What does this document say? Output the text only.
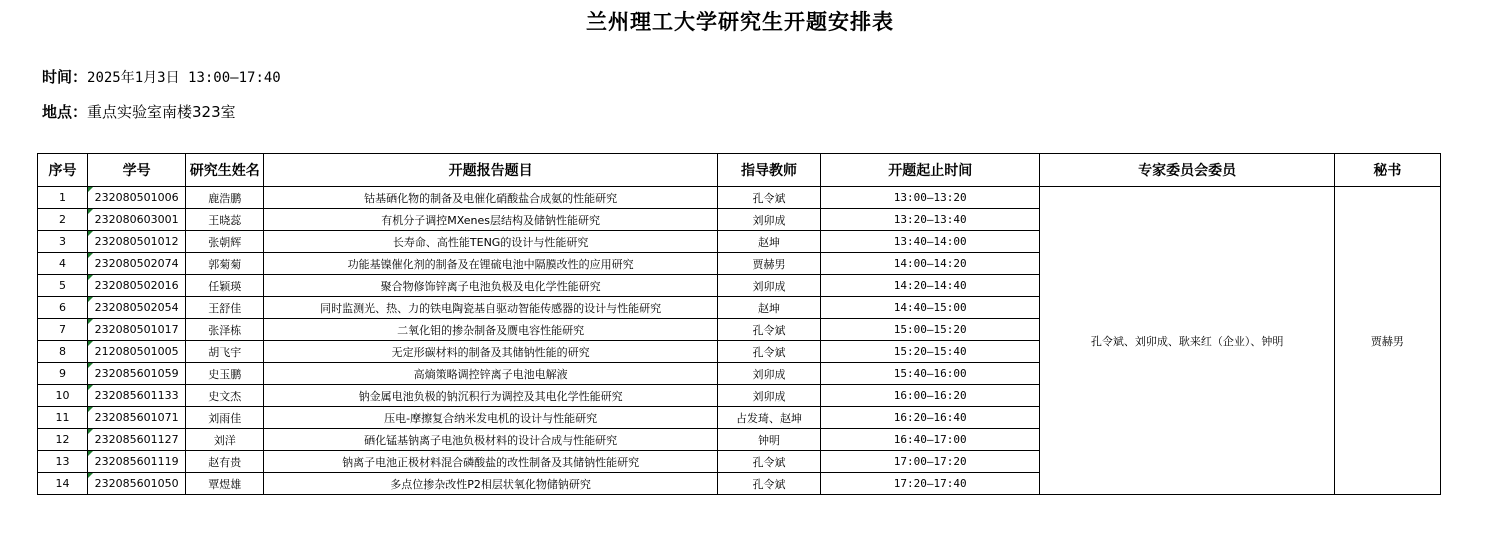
兰州理工大学研究生开题安排表
时间：2025年1月3日 13:00—17:40
地点：重点实验室南楼323室
序号	学号	研究生姓名	开题报告题目	指导教师	开题起止时间	专家委员会委员	秘书
1	232080501006	鹿浩鹏	钴基硒化物的制备及电催化硝酸盐合成氨的性能研究	孔令斌	13:00—13:20	孔令斌、刘卯成、耿来红（企业）、钟明	贾赫男
2	232080603001	王晓蕊	有机分子调控MXenes层结构及储钠性能研究	刘卯成	13:20—13:40		
3	232080501012	张朝辉	长寿命、高性能TENG的设计与性能研究	赵坤	13:40—14:00		
4	232080502074	郭菊菊	功能基镍催化剂的制备及在锂硫电池中隔膜改性的应用研究	贾赫男	14:00—14:20		
5	232080502016	任颖瑛	聚合物修饰锌离子电池负极及电化学性能研究	刘卯成	14:20—14:40		
6	232080502054	王舒佳	同时监测光、热、力的铁电陶瓷基自驱动智能传感器的设计与性能研究	赵坤	14:40—15:00		
7	232080501017	张泽栋	二氧化钼的掺杂制备及赝电容性能研究	孔令斌	15:00—15:20		
8	212080501005	胡飞宇	无定形碳材料的制备及其储钠性能的研究	孔令斌	15:20—15:40		
9	232085601059	史玉鹏	高熵策略调控锌离子电池电解液	刘卯成	15:40—16:00		
10	232085601133	史文杰	钠金属电池负极的钠沉积行为调控及其电化学性能研究	刘卯成	16:00—16:20		
11	232085601071	刘雨佳	压电-摩擦复合纳米发电机的设计与性能研究	占发琦、赵坤	16:20—16:40		
12	232085601127	刘洋	硒化锰基钠离子电池负极材料的设计合成与性能研究	钟明	16:40—17:00		
13	232085601119	赵有贵	钠离子电池正极材料混合磷酸盐的改性制备及其储钠性能研究	孔令斌	17:00—17:20		
14	232085601050	覃煜雄	多点位掺杂改性P2相层状氧化物储钠研究	孔令斌	17:20—17:40		
